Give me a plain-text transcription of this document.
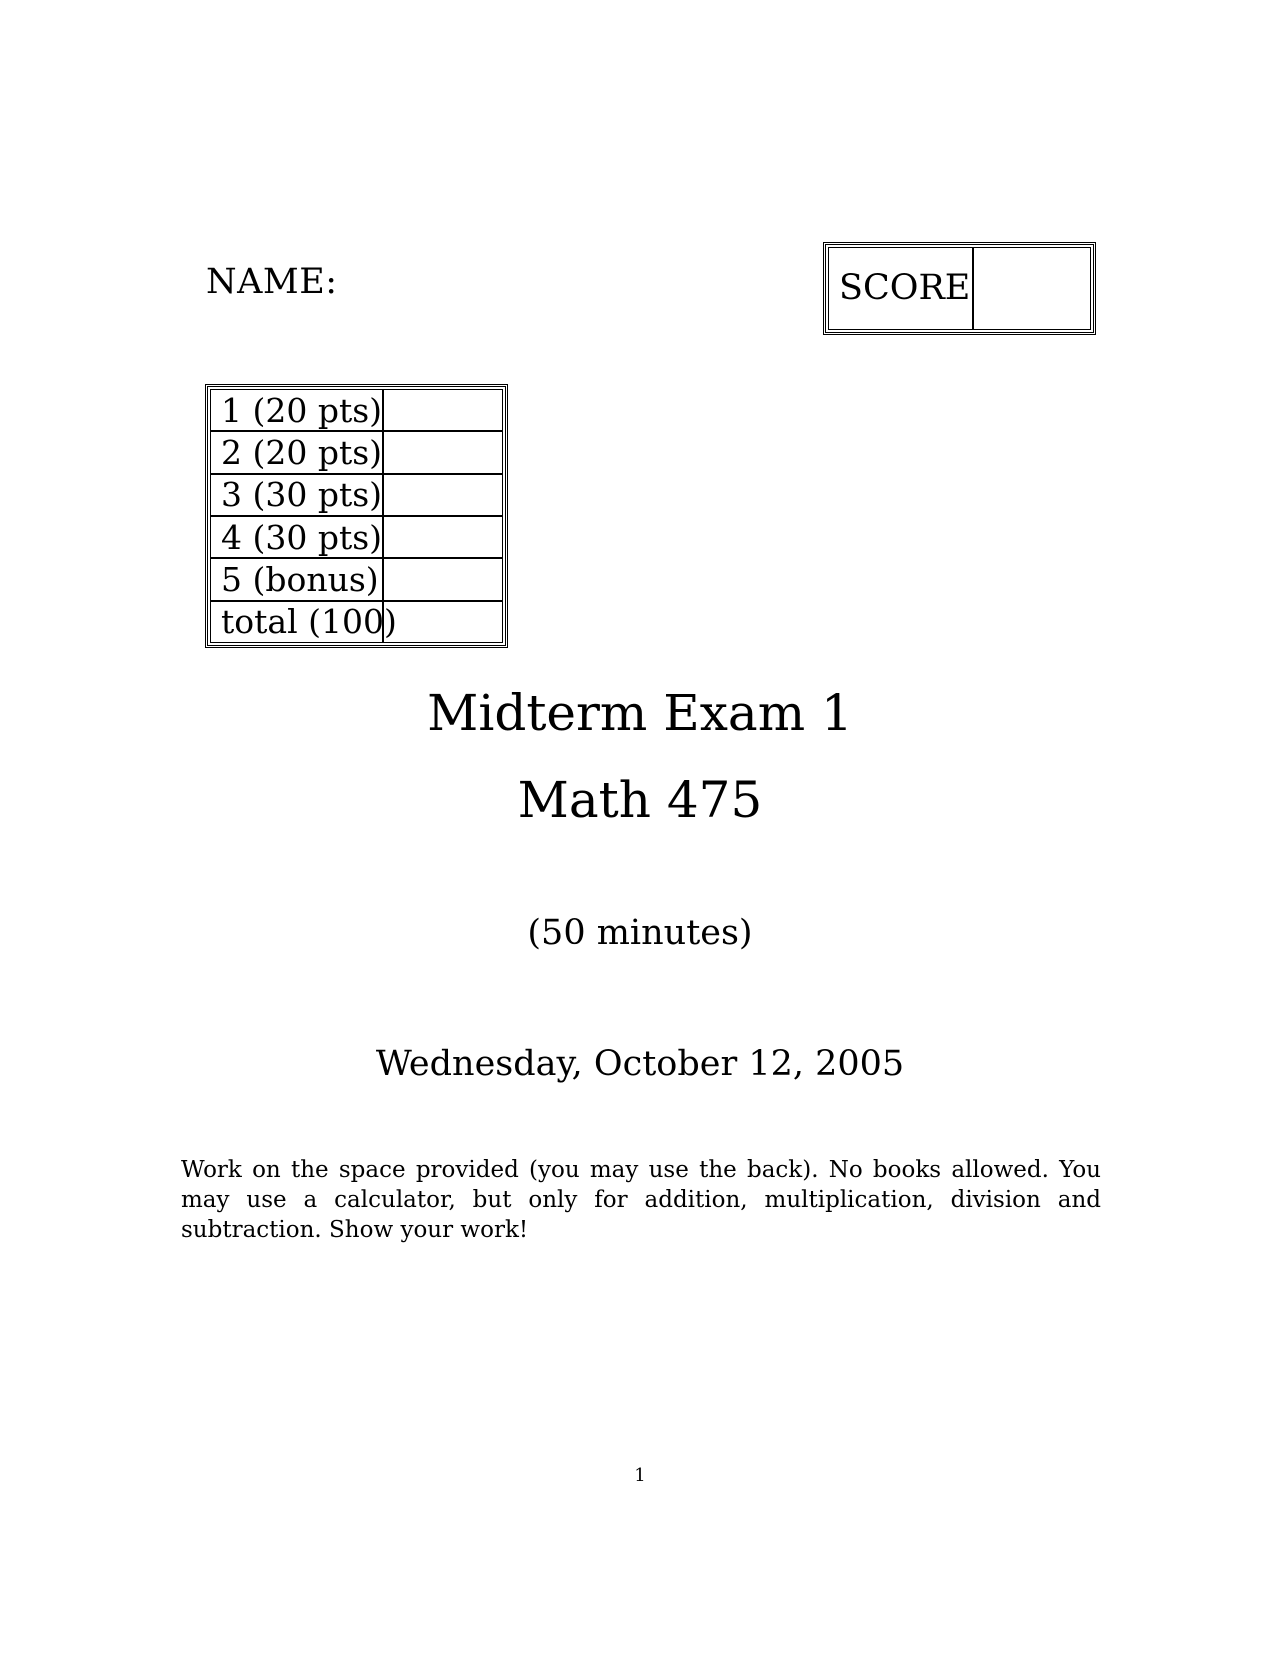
NAME:	SCORE
1 (20 pts)
2 (20 pts)
3 (30 pts)
4 (30 pts)
5 (bonus)
total (100)
Midterm Exam 1
Math 475
(50 minutes)
Wednesday, October 12, 2005
Work on the space provided (you may use the back). No books allowed. You may use a calculator, but only for addition, multiplication, division and subtraction. Show your work!
1
